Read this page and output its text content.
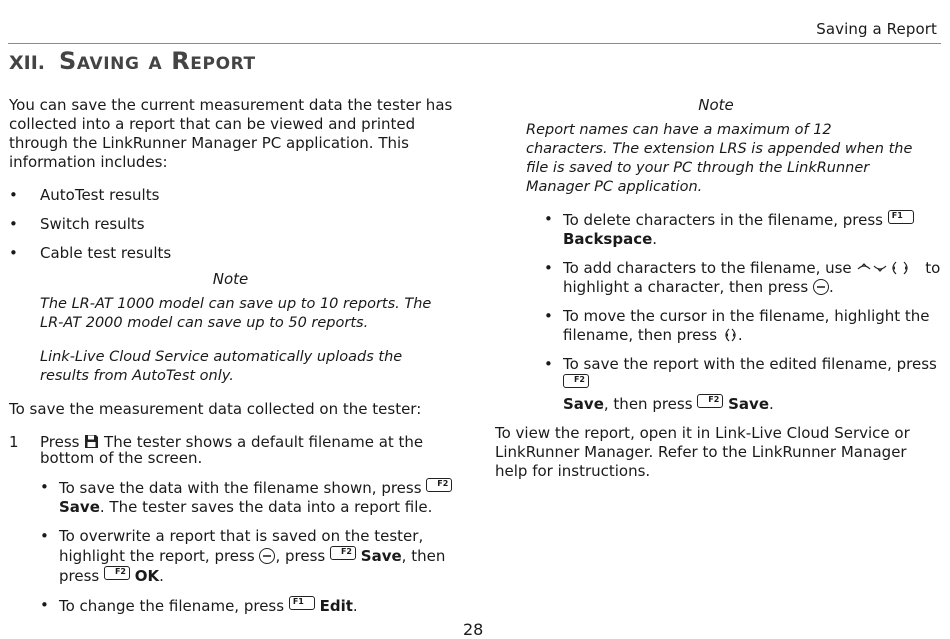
Saving a Report
XII. Saving a Report

You can save the current measurement data the tester has collected into a report that can be viewed and printed through the LinkRunner Manager PC application. This information includes:

• AutoTest results
• Switch results
• Cable test results
Note

The LR-AT 1000 model can save up to 10 reports. The LR-AT 2000 model can save up to 50 reports.

Link-Live Cloud Service automatically uploads the results from AutoTest only.

To save the measurement data collected on the tester:

1 Press The tester shows a default filename at the bottom of the screen.
• To save the data with the filename shown, press F2

Save. The tester saves the data into a report file.
• To overwrite a report that is saved on the tester, highlight the report, press , press F2 Save, then press F2 OK.
• To change the filename, press F1 Edit.
Note

Report names can have a maximum of 12 characters. The extension LRS is appended when the file is saved to your PC through the LinkRunner Manager PC application.

• To delete characters in the filename, press F1

Backspace.
• To add characters to the filename, use	to highlight a character, then press .
• To move the cursor in the filename, highlight the filename, then press .
• To save the report with the edited filename, press
F2

Save, then press F2 Save.

To view the report, open it in Link-Live Cloud Service or LinkRunner Manager. Refer to the LinkRunner Manager help for instructions.

28
